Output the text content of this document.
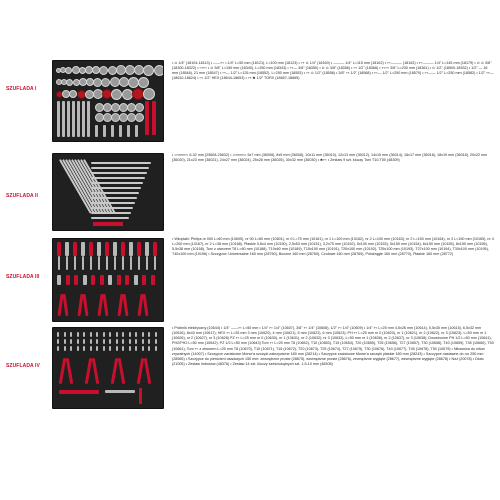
SZUFLADA I
• ⊙ 1/4" (18104-18113) • ——⊷ • 1/4" L=50 mm (18121), L=100 mm (18123) • ⊶ ⊙ 1/4" (18160) • ——— 1/4" L=115 mm (18162) • ⊷——— (18163) • ⊷——— 1/4" L=145 mm (18179) • ⊙ ⊙ 3/8" (18300-18322) • ⊶⊷ • ⊙ 3/8" L=150 mm (18340), L=250 mm (18343) • ⊶— 3/8" (18350) • ⊙ ⊙ 3/8" (18356) • ⊶ 1/2" (18366) • ⊷⊶ 3/8" L=200 mm (18361) • ⊙ 1/2" (18500-18532) • 1/2" — 16 mm (18546), 21 mm (18547) • ⊶— 1/2" L=125 mm (18552), L=250 mm (18553) • ⊶ ⊙ 1/2" (18556) • 3/8" ⊶ 1/2" (18568) • ⊷— 1/2" L=250 mm (18570) • ⊶—— 1/2" L=250 mm (18582) • 1/2" ⊶— (18610-18624) • ⊶ 1/2" HEX (18644-18653) • ⊶ ✱ 1/2" TORX (18657-18665)
SZUFLADA II
• ⊂═══⊃ 6-32 mm (25608-25632) • ⊂═══⊃ 6x7 mm (36006), 8x9 mm (36008), 10x11 mm (36010), 12x13 mm (36012), 14x15 mm (36014), 16x17 mm (36016), 18x19 mm (36018), 20x22 mm (36020), 21x23 mm (36021), 24x27 mm (36024), 25x28 mm (36025), 30x32 mm (36030) • ✱⊷ • Zestaw 9 szt. kluczy Torx T10-T50 (48309)
SZUFLADA III
• Wkrętaki: Philips nr 000 L=60 mm (10600), nr 00 L=60 mm (10601), nr 0 L=75 mm (10161), nr 1 L=100 mm (10162), nr 2 L=100 mm (10163), nr 2 L=150 mm (10164), nr 3 L=150 mm (10165), nr 4 L=200 mm (10167), nr 2 L=38 mm (10168), Płaskie 0,8x4 mm (10150), 2,5x53 mm (10151), 3,2x75 mm (10152), 5x100 mm (10153), 5x150 mm (10154), 6x150 mm (10155), 8x150 mm (10156), 5,5x38 mm (10158), Torx z otworem T8 L=60 mm (10188), T10x60 mm (10189), T15x100 mm (10191), T20x100 mm (10192), T25x100 mm (10193), T27x100 mm (10194), T30x100 mm (10195), T40x100 mm (10196) • Szczypce: Uniwersalne 160 mm (28750), Boczne 160 mm (28760), Czołowe 160 mm (28765), Półokrągłe 160 mm (28770), Płaskie 160 mm (28772)
SZUFLADA IV
• Próbnik elektryczny (10544) • 1/4" ——⊷ L=50 mm • 1/4" ⊷ 1/4" (10607), 3/8" ⊷ 1/4" (10608), 1/2" ⊷ 1/4" (10609) • 1/4" ⊷ L=25 mm 4,5x26 mm (10614), 5,5x30 mm (10615), 6,5x32 mm (10616), 8x40 mm (10617); HEX ⊷ L=25 mm 3 mm (10620), 4 mm (10621), 5 mm (10622), 6 mm (10623); PH ⊷ L=25 mm nr 0 (10620), nr 1 (10621), nr 2 (10622), nr 3 (10623), L=50 mm nr 1 (10626), nr 2 (10627), nr 3 (10628) PZ ⊷ L=25 mm nr 0 (10630), nr 1 (10631), nr 2 (10632), nr 3 (10633), L=50 mm nr 1 (10636), nr 2 (10637), nr 3 (10638); Dwustronne PH 1/2 L=50 mm (10641), PH2/PH2 L=50 mm (10642), PZ 1/2 L=50 mm (10643) Torx ⊷ L=25 mm T8 (10652), T10 (10653), T15 (10654), T20 (10655), T25 (10656), T27 (10657), T30 (10658), T40 (10659), T45 (10660), T50 (10661), Torx ⊷ z otworem L=25 mm T8 (10670), T10 (10671), T15 (10672), T20 (10673), T25 (10674), T27 (10675), T30 (10676), T40 (10677), T45 (10678), T50 (10679) • Nitownica do nitów zrywalnych (14007) • Szczypce zaciskowe Morse'a szczęki zakrzywione 180 mm (28214) • Szczypce zaciskowe Morse'a szczęki płaskie 180 mm (28243) • Szczypce nastawne do rur 250 mm (28565) • Szczypce do pierścieni osadczych 150 mm: zewnętrzne proste (28675), wewnętrzne proste (28676), zewnętrzne wygięte (28677), wewnętrzne wygięte (28678) • Nóż (20078) • Dłuto (21005) • Zestaw imbusów (48376) • Zestaw 14 szt. kluczy sześciokątnych szt. 1,5-10 mm (48308)
